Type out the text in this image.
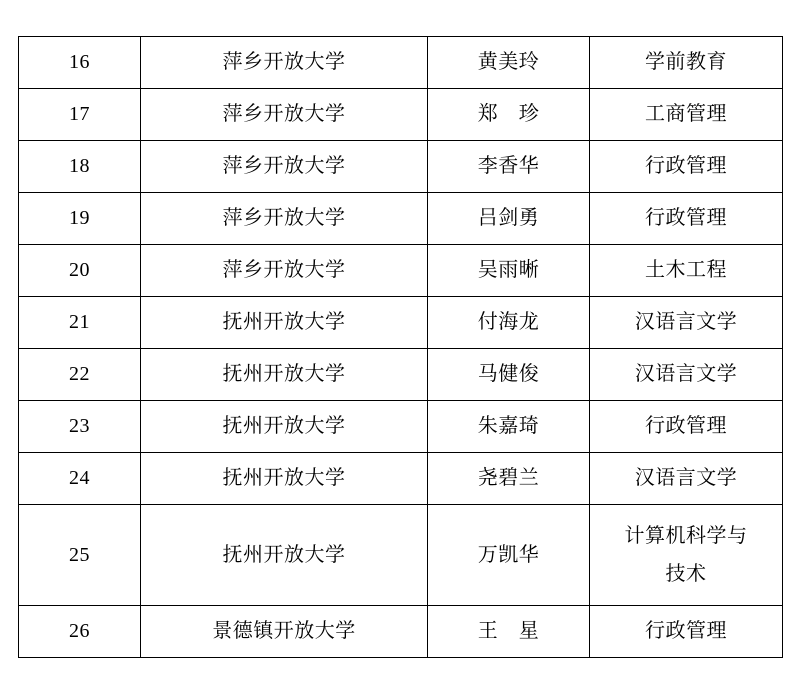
16	萍乡开放大学	黄美玲	学前教育
17	萍乡开放大学	郑　珍	工商管理
18	萍乡开放大学	李香华	行政管理
19	萍乡开放大学	吕剑勇	行政管理
20	萍乡开放大学	吴雨晰	土木工程
21	抚州开放大学	付海龙	汉语言文学
22	抚州开放大学	马健俊	汉语言文学
23	抚州开放大学	朱嘉琦	行政管理
24	抚州开放大学	尧碧兰	汉语言文学
25	抚州开放大学	万凯华	计算机科学与
技术

26	景德镇开放大学	王　星	行政管理
